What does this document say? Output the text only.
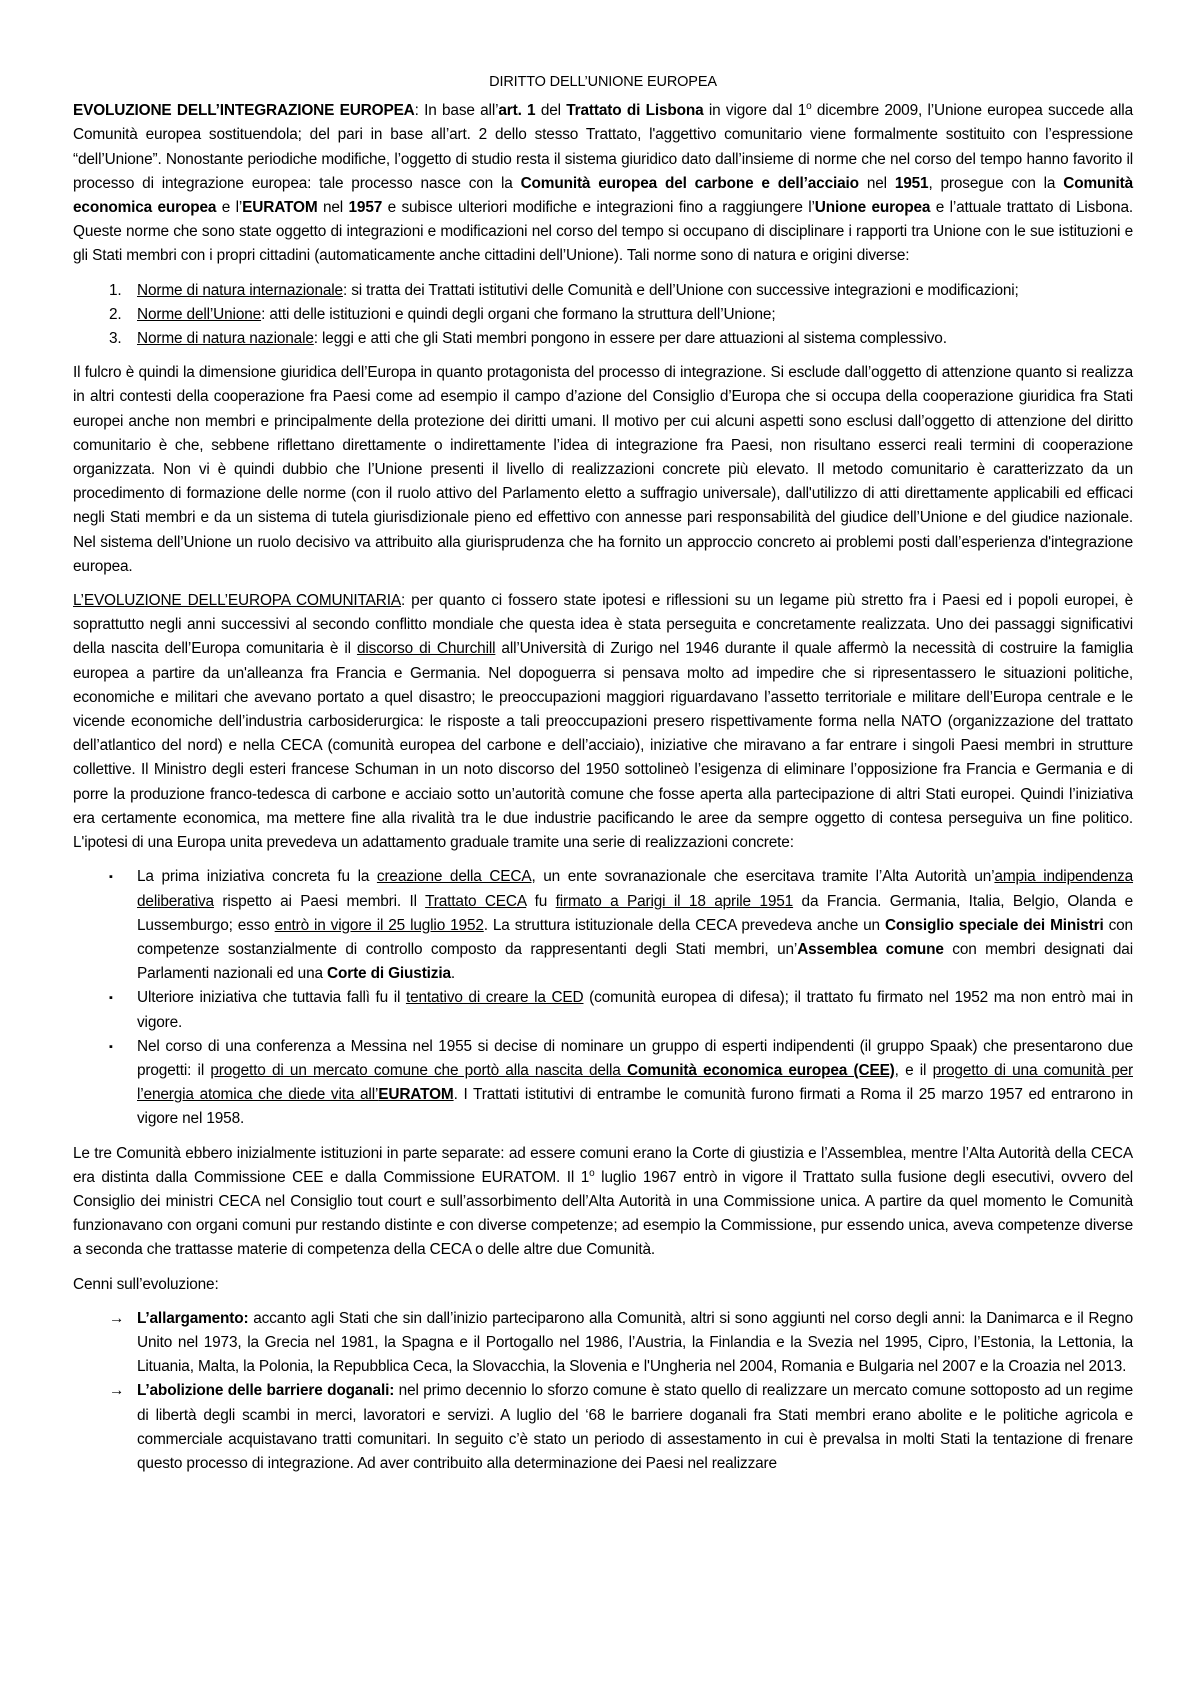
DIRITTO DELL’UNIONE EUROPEA

EVOLUZIONE DELL’INTEGRAZIONE EUROPEA: In base all’art. 1 del Trattato di Lisbona in vigore dal 1$^o$ dicembre 2009, l’Unione europea succede alla Comunità europea sostituendola; del pari in base all’art. 2 dello stesso Trattato, l'aggettivo comunitario viene formalmente sostituito con l’espressione “dell’Unione”. Nonostante periodiche modifiche, l’oggetto di studio resta il sistema giuridico dato dall’insieme di norme che nel corso del tempo hanno favorito il processo di integrazione europea: tale processo nasce con la Comunità europea del carbone e dell’acciaio nel 1951, prosegue con la Comunità economica europea e l’EURATOM nel 1957 e subisce ulteriori modifiche e integrazioni fino a raggiungere l’Unione europea e l’attuale trattato di Lisbona. Queste norme che sono state oggetto di integrazioni e modificazioni nel corso del tempo si occupano di disciplinare i rapporti tra Unione con le sue istituzioni e gli Stati membri con i propri cittadini (automaticamente anche cittadini dell’Unione). Tali norme sono di natura e origini diverse:

1. Norme di natura internazionale: si tratta dei Trattati istitutivi delle Comunità e dell’Unione con successive integrazioni e modificazioni;
2. Norme dell’Unione: atti delle istituzioni e quindi degli organi che formano la struttura dell’Unione;
3. Norme di natura nazionale: leggi e atti che gli Stati membri pongono in essere per dare attuazioni al sistema complessivo.

Il fulcro è quindi la dimensione giuridica dell’Europa in quanto protagonista del processo di integrazione. Si esclude dall’oggetto di attenzione quanto si realizza in altri contesti della cooperazione fra Paesi come ad esempio il campo d’azione del Consiglio d’Europa che si occupa della cooperazione giuridica fra Stati europei anche non membri e principalmente della protezione dei diritti umani. Il motivo per cui alcuni aspetti sono esclusi dall’oggetto di attenzione del diritto comunitario è che, sebbene riflettano direttamente o indirettamente l’idea di integrazione fra Paesi, non risultano esserci reali termini di cooperazione organizzata. Non vi è quindi dubbio che l’Unione presenti il livello di realizzazioni concrete più elevato. Il metodo comunitario è caratterizzato da un procedimento di formazione delle norme (con il ruolo attivo del Parlamento eletto a suffragio universale), dall'utilizzo di atti direttamente applicabili ed efficaci negli Stati membri e da un sistema di tutela giurisdizionale pieno ed effettivo con annesse pari responsabilità del giudice dell’Unione e del giudice nazionale. Nel sistema dell’Unione un ruolo decisivo va attribuito alla giurisprudenza che ha fornito un approccio concreto ai problemi posti dall’esperienza d'integrazione europea.

L’EVOLUZIONE DELL’EUROPA COMUNITARIA: per quanto ci fossero state ipotesi e riflessioni su un legame più stretto fra i Paesi ed i popoli europei, è soprattutto negli anni successivi al secondo conflitto mondiale che questa idea è stata perseguita e concretamente realizzata. Uno dei passaggi significativi della nascita dell’Europa comunitaria è il discorso di Churchill all’Università di Zurigo nel 1946 durante il quale affermò la necessità di costruire la famiglia europea a partire da un'alleanza fra Francia e Germania. Nel dopoguerra si pensava molto ad impedire che si ripresentassero le situazioni politiche, economiche e militari che avevano portato a quel disastro; le preoccupazioni maggiori riguardavano l’assetto territoriale e militare dell’Europa centrale e le vicende economiche dell’industria carbosiderurgica: le risposte a tali preoccupazioni presero rispettivamente forma nella NATO (organizzazione del trattato dell’atlantico del nord) e nella CECA (comunità europea del carbone e dell’acciaio), iniziative che miravano a far entrare i singoli Paesi membri in strutture collettive. Il Ministro degli esteri francese Schuman in un noto discorso del 1950 sottolineò l’esigenza di eliminare l’opposizione fra Francia e Germania e di porre la produzione franco-tedesca di carbone e acciaio sotto un’autorità comune che fosse aperta alla partecipazione di altri Stati europei. Quindi l’iniziativa era certamente economica, ma mettere fine alla rivalità tra le due industrie pacificando le aree da sempre oggetto di contesa perseguiva un fine politico. L'ipotesi di una Europa unita prevedeva un adattamento graduale tramite una serie di realizzazioni concrete:

▪ La prima iniziativa concreta fu la creazione della CECA, un ente sovranazionale che esercitava tramite l’Alta Autorità un’ampia indipendenza deliberativa rispetto ai Paesi membri. Il Trattato CECA fu firmato a Parigi il 18 aprile 1951 da Francia. Germania, Italia, Belgio, Olanda e Lussemburgo; esso entrò in vigore il 25 luglio 1952. La struttura istituzionale della CECA prevedeva anche un Consiglio speciale dei Ministri con competenze sostanzialmente di controllo composto da rappresentanti degli Stati membri, un’Assemblea comune con membri designati dai Parlamenti nazionali ed una Corte di Giustizia.
▪ Ulteriore iniziativa che tuttavia fallì fu il tentativo di creare la CED (comunità europea di difesa); il trattato fu firmato nel 1952 ma non entrò mai in vigore.
▪ Nel corso di una conferenza a Messina nel 1955 si decise di nominare un gruppo di esperti indipendenti (il gruppo Spaak) che presentarono due progetti: il progetto di un mercato comune che portò alla nascita della Comunità economica europea (CEE), e il progetto di una comunità per l’energia atomica che diede vita all’EURATOM. I Trattati istitutivi di entrambe le comunità furono firmati a Roma il 25 marzo 1957 ed entrarono in vigore nel 1958.

Le tre Comunità ebbero inizialmente istituzioni in parte separate: ad essere comuni erano la Corte di giustizia e l’Assemblea, mentre l’Alta Autorità della CECA era distinta dalla Commissione CEE e dalla Commissione EURATOM. Il 1$^o$ luglio 1967 entrò in vigore il Trattato sulla fusione degli esecutivi, ovvero del Consiglio dei ministri CECA nel Consiglio tout court e sull’assorbimento dell’Alta Autorità in una Commissione unica. A partire da quel momento le Comunità funzionavano con organi comuni pur restando distinte e con diverse competenze; ad esempio la Commissione, pur essendo unica, aveva competenze diverse a seconda che trattasse materie di competenza della CECA o delle altre due Comunità.

Cenni sull’evoluzione:

→ L’allargamento: accanto agli Stati che sin dall’inizio parteciparono alla Comunità, altri si sono aggiunti nel corso degli anni: la Danimarca e il Regno Unito nel 1973, la Grecia nel 1981, la Spagna e il Portogallo nel 1986, l’Austria, la Finlandia e la Svezia nel 1995, Cipro, l’Estonia, la Lettonia, la Lituania, Malta, la Polonia, la Repubblica Ceca, la Slovacchia, la Slovenia e l'Ungheria nel 2004, Romania e Bulgaria nel 2007 e la Croazia nel 2013.
→ L’abolizione delle barriere doganali: nel primo decennio lo sforzo comune è stato quello di realizzare un mercato comune sottoposto ad un regime di libertà degli scambi in merci, lavoratori e servizi. A luglio del ‘68 le barriere doganali fra Stati membri erano abolite e le politiche agricola e commerciale acquistavano tratti comunitari. In seguito c’è stato un periodo di assestamento in cui è prevalsa in molti Stati la tentazione di frenare questo processo di integrazione. Ad aver contribuito alla determinazione dei Paesi nel realizzare
